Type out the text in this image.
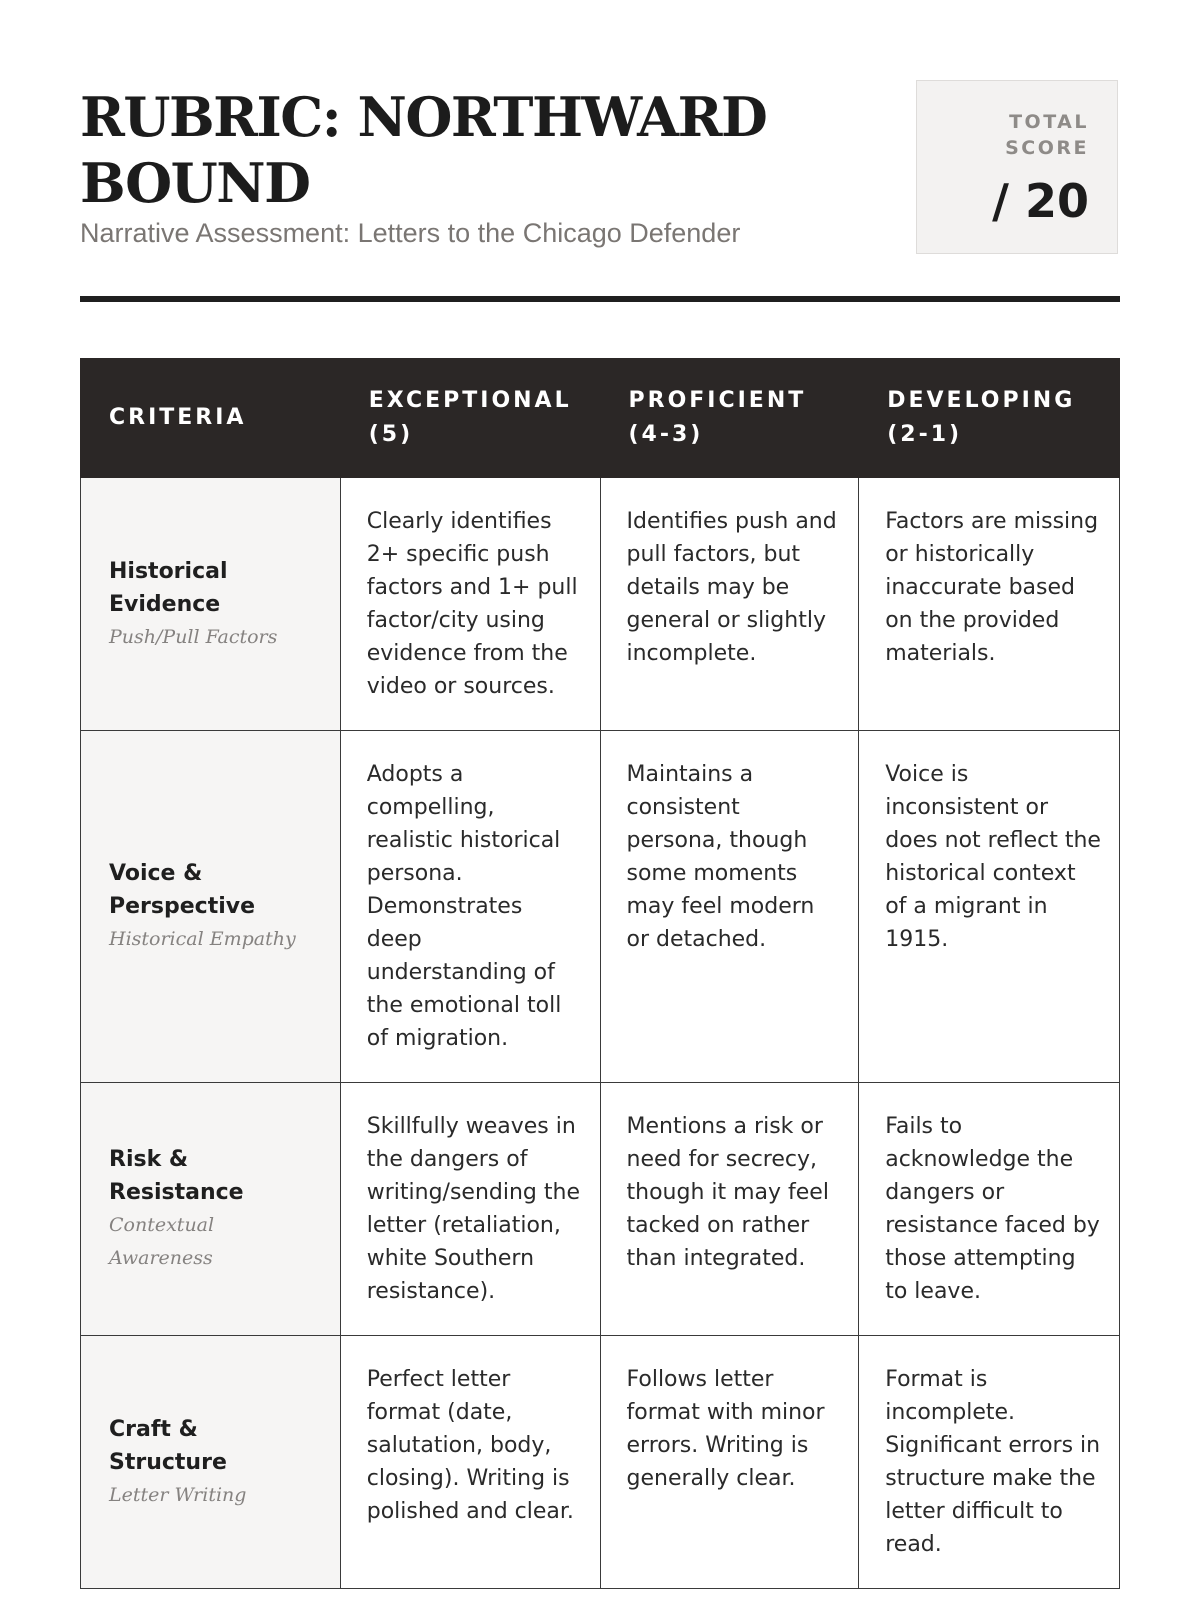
RUBRIC: NORTHWARD BOUND

Narrative Assessment: Letters to the Chicago Defender

TOTAL SCORE
/ 20
CRITERIA	EXCEPTIONAL (5)	PROFICIENT (4-3)	DEVELOPING (2-1)

Historical Evidence
Push/Pull Factors	Clearly identifies 2+ specific push factors and 1+ pull factor/city using evidence from the video or sources.	Identifies push and pull factors, but details may be general or slightly incomplete.	Factors are missing or historically inaccurate based on the provided materials.

Voice & Perspective
Historical Empathy	Adopts a compelling, realistic historical persona. Demonstrates deep understanding of the emotional toll of migration.	Maintains a consistent persona, though some moments may feel modern or detached.	Voice is inconsistent or does not reflect the historical context of a migrant in 1915.

Risk & Resistance
Contextual Awareness	Skillfully weaves in the dangers of writing/sending the letter (retaliation, white Southern resistance).	Mentions a risk or need for secrecy, though it may feel tacked on rather than integrated.	Fails to acknowledge the dangers or resistance faced by those attempting to leave.

Craft & Structure
Letter Writing	Perfect letter format (date, salutation, body, closing). Writing is polished and clear.	Follows letter format with minor errors. Writing is generally clear.	Format is incomplete. Significant errors in structure make the letter difficult to read.
